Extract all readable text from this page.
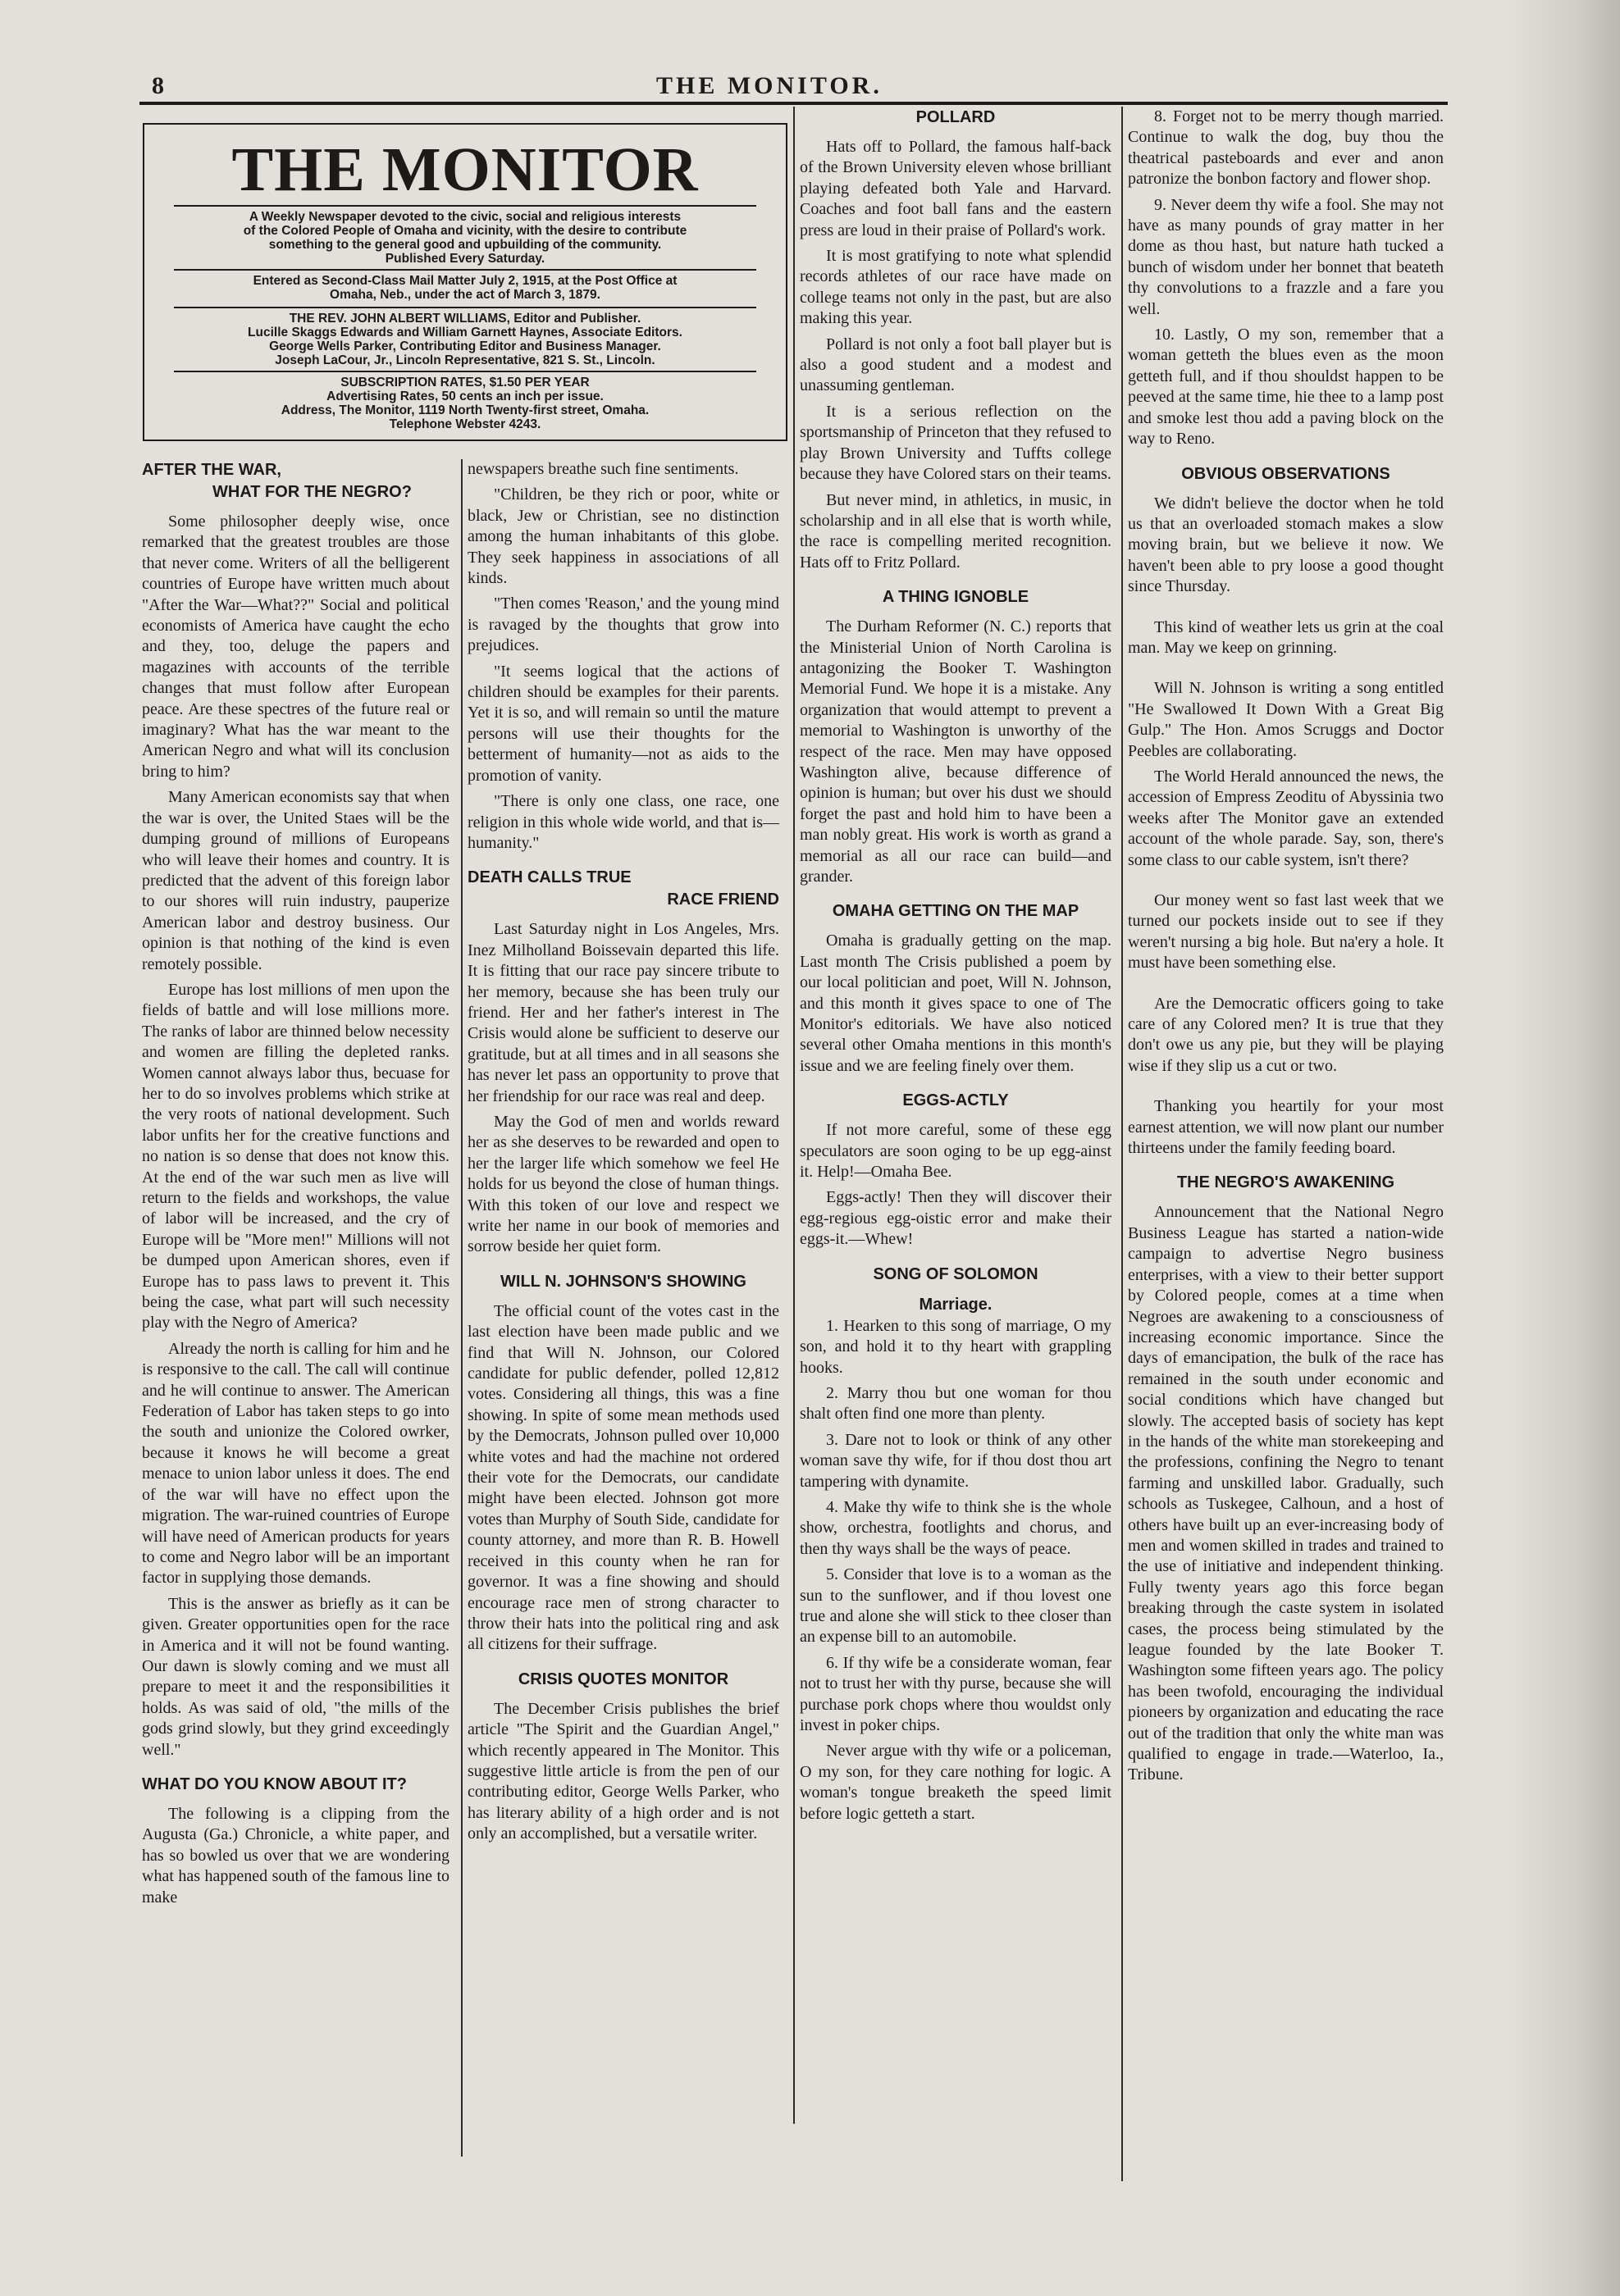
8	THE MONITOR.
THE MONITOR
A Weekly Newspaper devoted to the civic, social and religious interests
of the Colored People of Omaha and vicinity, with the desire to contribute
something to the general good and upbuilding of the community.
Published Every Saturday.
Entered as Second-Class Mail Matter July 2, 1915, at the Post Office at
Omaha, Neb., under the act of March 3, 1879.
THE REV. JOHN ALBERT WILLIAMS, Editor and Publisher.
Lucille Skaggs Edwards and William Garnett Haynes, Associate Editors.
George Wells Parker, Contributing Editor and Business Manager.
Joseph LaCour, Jr., Lincoln Representative, 821 S. St., Lincoln.
SUBSCRIPTION RATES, $1.50 PER YEAR
Advertising Rates, 50 cents an inch per issue.
Address, The Monitor, 1119 North Twenty-first street, Omaha.
Telephone Webster 4243.
AFTER THE WAR,
WHAT FOR THE NEGRO?

Some philosopher deeply wise, once remarked that the greatest troubles are those that never come. Writers of all the belligerent countries of Europe have written much about "After the War—What??" Social and political economists of America have caught the echo and they, too, deluge the papers and magazines with accounts of the terrible changes that must follow after European peace. Are these spectres of the future real or imaginary? What has the war meant to the American Negro and what will its conclusion bring to him?

Many American economists say that when the war is over, the United Staes will be the dumping ground of millions of Europeans who will leave their homes and country. It is predicted that the advent of this foreign labor to our shores will ruin industry, pauperize American labor and destroy business. Our opinion is that nothing of the kind is even remotely possible.

Europe has lost millions of men upon the fields of battle and will lose millions more. The ranks of labor are thinned below necessity and women are filling the depleted ranks. Women cannot always labor thus, becuase for her to do so involves problems which strike at the very roots of national development. Such labor unfits her for the creative functions and no nation is so dense that does not know this. At the end of the war such men as live will return to the fields and workshops, the value of labor will be increased, and the cry of Europe will be "More men!" Millions will not be dumped upon American shores, even if Europe has to pass laws to prevent it. This being the case, what part will such necessity play with the Negro of America?

Already the north is calling for him and he is responsive to the call. The call will continue and he will continue to answer. The American Federation of Labor has taken steps to go into the south and unionize the Colored owrker, because it knows he will become a great menace to union labor unless it does. The end of the war will have no effect upon the migration. The war-ruined countries of Europe will have need of American products for years to come and Negro labor will be an important factor in supplying those demands.

This is the answer as briefly as it can be given. Greater opportunities open for the race in America and it will not be found wanting. Our dawn is slowly coming and we must all prepare to meet it and the responsibilities it holds. As was said of old, "the mills of the gods grind slowly, but they grind exceedingly well."

WHAT DO YOU KNOW ABOUT IT?

The following is a clipping from the Augusta (Ga.) Chronicle, a white paper, and has so bowled us over that we are wondering what has happened south of the famous line to make

newspapers breathe such fine sentiments.

"Children, be they rich or poor, white or black, Jew or Christian, see no distinction among the human inhabitants of this globe. They seek happiness in associations of all kinds.

"Then comes 'Reason,' and the young mind is ravaged by the thoughts that grow into prejudices.

"It seems logical that the actions of children should be examples for their parents. Yet it is so, and will remain so until the mature persons will use their thoughts for the betterment of humanity—not as aids to the promotion of vanity.

"There is only one class, one race, one religion in this whole wide world, and that is—humanity."

DEATH CALLS TRUE
RACE FRIEND

Last Saturday night in Los Angeles, Mrs. Inez Milholland Boissevain departed this life. It is fitting that our race pay sincere tribute to her memory, because she has been truly our friend. Her and her father's interest in The Crisis would alone be sufficient to deserve our gratitude, but at all times and in all seasons she has never let pass an opportunity to prove that her friendship for our race was real and deep.

May the God of men and worlds reward her as she deserves to be rewarded and open to her the larger life which somehow we feel He holds for us beyond the close of human things. With this token of our love and respect we write her name in our book of memories and sorrow beside her quiet form.

WILL N. JOHNSON'S SHOWING

The official count of the votes cast in the last election have been made public and we find that Will N. Johnson, our Colored candidate for public defender, polled 12,812 votes. Considering all things, this was a fine showing. In spite of some mean methods used by the Democrats, Johnson pulled over 10,000 white votes and had the machine not ordered their vote for the Democrats, our candidate might have been elected. Johnson got more votes than Murphy of South Side, candidate for county attorney, and more than R. B. Howell received in this county when he ran for governor. It was a fine showing and should encourage race men of strong character to throw their hats into the political ring and ask all citizens for their suffrage.

CRISIS QUOTES MONITOR

The December Crisis publishes the brief article "The Spirit and the Guardian Angel," which recently appeared in The Monitor. This suggestive little article is from the pen of our contributing editor, George Wells Parker, who has literary ability of a high order and is not only an accomplished, but a versatile writer.

POLLARD

Hats off to Pollard, the famous half-back of the Brown University eleven whose brilliant playing defeated both Yale and Harvard. Coaches and foot ball fans and the eastern press are loud in their praise of Pollard's work.

It is most gratifying to note what splendid records athletes of our race have made on college teams not only in the past, but are also making this year.

Pollard is not only a foot ball player but is also a good student and a modest and unassuming gentleman.

It is a serious reflection on the sportsmanship of Princeton that they refused to play Brown University and Tuffts college because they have Colored stars on their teams.

But never mind, in athletics, in music, in scholarship and in all else that is worth while, the race is compelling merited recognition. Hats off to Fritz Pollard.

A THING IGNOBLE

The Durham Reformer (N. C.) reports that the Ministerial Union of North Carolina is antagonizing the Booker T. Washington Memorial Fund. We hope it is a mistake. Any organization that would attempt to prevent a memorial to Washington is unworthy of the respect of the race. Men may have opposed Washington alive, because difference of opinion is human; but over his dust we should forget the past and hold him to have been a man nobly great. His work is worth as grand a memorial as all our race can build—and grander.

OMAHA GETTING ON THE MAP

Omaha is gradually getting on the map. Last month The Crisis published a poem by our local politician and poet, Will N. Johnson, and this month it gives space to one of The Monitor's editorials. We have also noticed several other Omaha mentions in this month's issue and we are feeling finely over them.

EGGS-ACTLY

If not more careful, some of these egg speculators are soon oging to be up egg-ainst it. Help!—Omaha Bee.

Eggs-actly! Then they will discover their egg-regious egg-oistic error and make their eggs-it.—Whew!

SONG OF SOLOMON
Marriage.

1. Hearken to this song of marriage, O my son, and hold it to thy heart with grappling hooks.

2. Marry thou but one woman for thou shalt often find one more than plenty.

3. Dare not to look or think of any other woman save thy wife, for if thou dost thou art tampering with dynamite.

4. Make thy wife to think she is the whole show, orchestra, footlights and chorus, and then thy ways shall be the ways of peace.

5. Consider that love is to a woman as the sun to the sunflower, and if thou lovest one true and alone she will stick to thee closer than an expense bill to an automobile.

6. If thy wife be a considerate woman, fear not to trust her with thy purse, because she will purchase pork chops where thou wouldst only invest in poker chips.

Never argue with thy wife or a policeman, O my son, for they care nothing for logic. A woman's tongue breaketh the speed limit before logic getteth a start.

8. Forget not to be merry though married. Continue to walk the dog, buy thou the theatrical pasteboards and ever and anon patronize the bonbon factory and flower shop.

9. Never deem thy wife a fool. She may not have as many pounds of gray matter in her dome as thou hast, but nature hath tucked a bunch of wisdom under her bonnet that beateth thy convolutions to a frazzle and a fare you well.

10. Lastly, O my son, remember that a woman getteth the blues even as the moon getteth full, and if thou shouldst happen to be peeved at the same time, hie thee to a lamp post and smoke lest thou add a paving block on the way to Reno.

OBVIOUS OBSERVATIONS

We didn't believe the doctor when he told us that an overloaded stomach makes a slow moving brain, but we believe it now. We haven't been able to pry loose a good thought since Thursday.

This kind of weather lets us grin at the coal man. May we keep on grinning.

Will N. Johnson is writing a song entitled "He Swallowed It Down With a Great Big Gulp." The Hon. Amos Scruggs and Doctor Peebles are collaborating.

The World Herald announced the news, the accession of Empress Zeoditu of Abyssinia two weeks after The Monitor gave an extended account of the whole parade. Say, son, there's some class to our cable system, isn't there?

Our money went so fast last week that we turned our pockets inside out to see if they weren't nursing a big hole. But na'ery a hole. It must have been something else.

Are the Democratic officers going to take care of any Colored men? It is true that they don't owe us any pie, but they will be playing wise if they slip us a cut or two.

Thanking you heartily for your most earnest attention, we will now plant our number thirteens under the family feeding board.

THE NEGRO'S AWAKENING

Announcement that the National Negro Business League has started a nation-wide campaign to advertise Negro business enterprises, with a view to their better support by Colored people, comes at a time when Negroes are awakening to a consciousness of increasing economic importance. Since the days of emancipation, the bulk of the race has remained in the south under economic and social conditions which have changed but slowly. The accepted basis of society has kept in the hands of the white man storekeeping and the professions, confining the Negro to tenant farming and unskilled labor. Gradually, such schools as Tuskegee, Calhoun, and a host of others have built up an ever-increasing body of men and women skilled in trades and trained to the use of initiative and independent thinking. Fully twenty years ago this force began breaking through the caste system in isolated cases, the process being stimulated by the league founded by the late Booker T. Washington some fifteen years ago. The policy has been twofold, encouraging the individual pioneers by organization and educating the race out of the tradition that only the white man was qualified to engage in trade.—Waterloo, Ia., Tribune.
